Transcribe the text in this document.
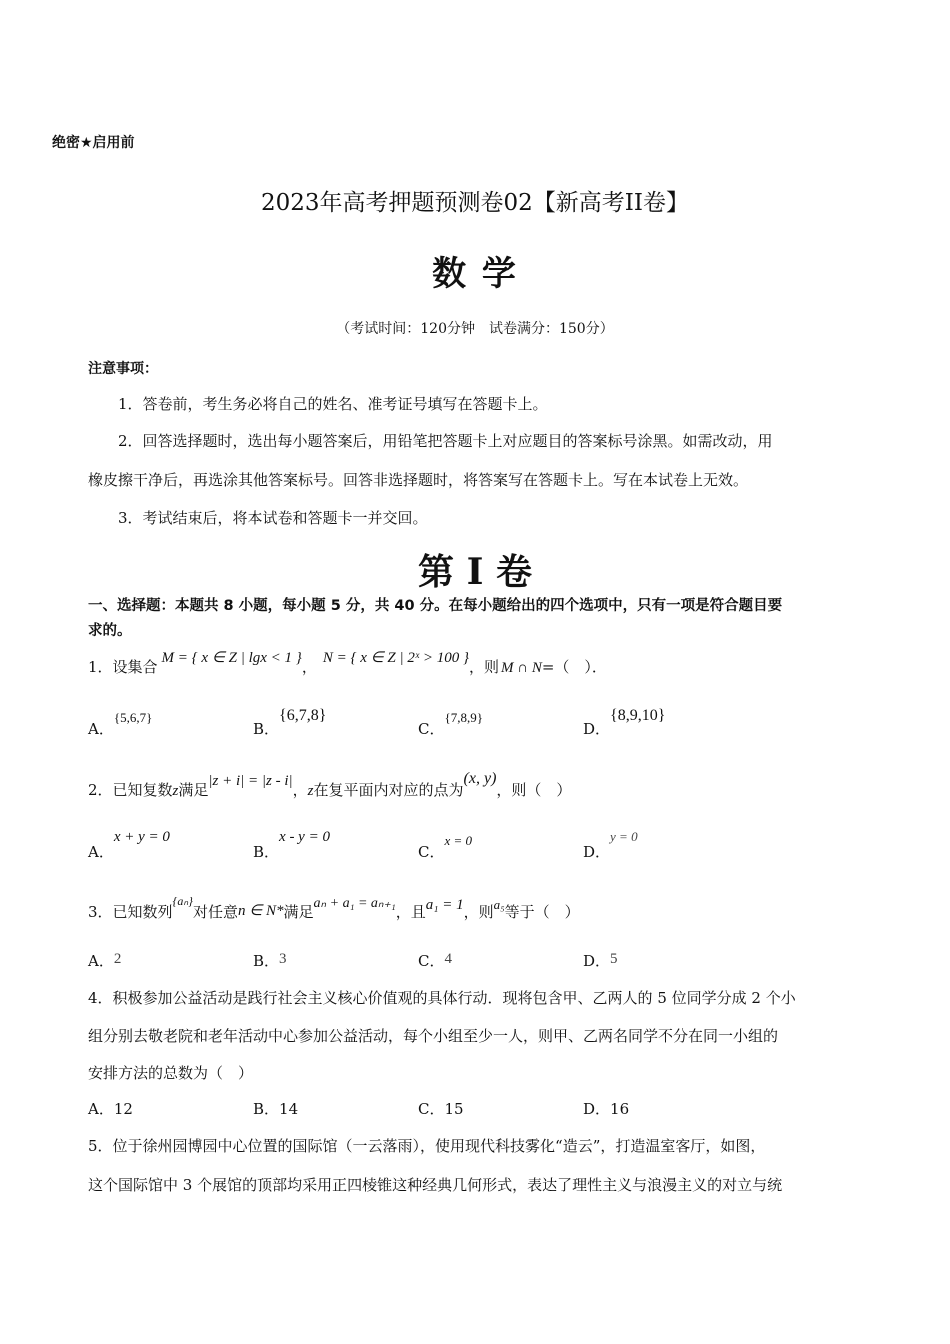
绝密★启用前
2023年高考押题预测卷02【新高考II卷】
数 学
（考试时间：120分钟　试卷满分：150分）
注意事项：
1．答卷前，考生务必将自己的姓名、准考证号填写在答题卡上。
2．回答选择题时，选出每小题答案后，用铅笔把答题卡上对应题目的答案标号涂黑。如需改动，用
橡皮擦干净后，再选涂其他答案标号。回答非选择题时，将答案写在答题卡上。写在本试卷上无效。
3．考试结束后，将本试卷和答题卡一并交回。
第 I 卷
一、选择题：本题共 8 小题，每小题 5 分，共 40 分。在每小题给出的四个选项中，只有一项是符合题目要
求的。
1．设集合 M = { x ∈ Z | lgx < 1 }， N = { x ∈ Z | 2ˣ > 100 }，则 M ∩ N=（　）．
A．{5,6,7}
B．{6,7,8}
C．{7,8,9}
D．{8,9,10}
2．已知复数z满足|z + i| = |z - i|，z在复平面内对应的点为(x, y)，则（　）
A．x + y = 0
B．x - y = 0
C．x = 0
D．y = 0
3．已知数列$^{\{a_n\}}$对任意n ∈ N*满足aₙ + a₁ = aₙ₊₁，且a₁ = 1，则a₅等于（　）
A．2	B．3	C．4	D．5
4．积极参加公益活动是践行社会主义核心价值观的具体行动．现将包含甲、乙两人的 5 位同学分成 2 个小
组分别去敬老院和老年活动中心参加公益活动，每个小组至少一人，则甲、乙两名同学不分在同一小组的
安排方法的总数为（　）
A．12	B．14	C．15	D．16
5．位于徐州园博园中心位置的国际馆（一云落雨），使用现代科技雾化“造云”，打造温室客厅，如图，
这个国际馆中 3 个展馆的顶部均采用正四棱锥这种经典几何形式，表达了理性主义与浪漫主义的对立与统
